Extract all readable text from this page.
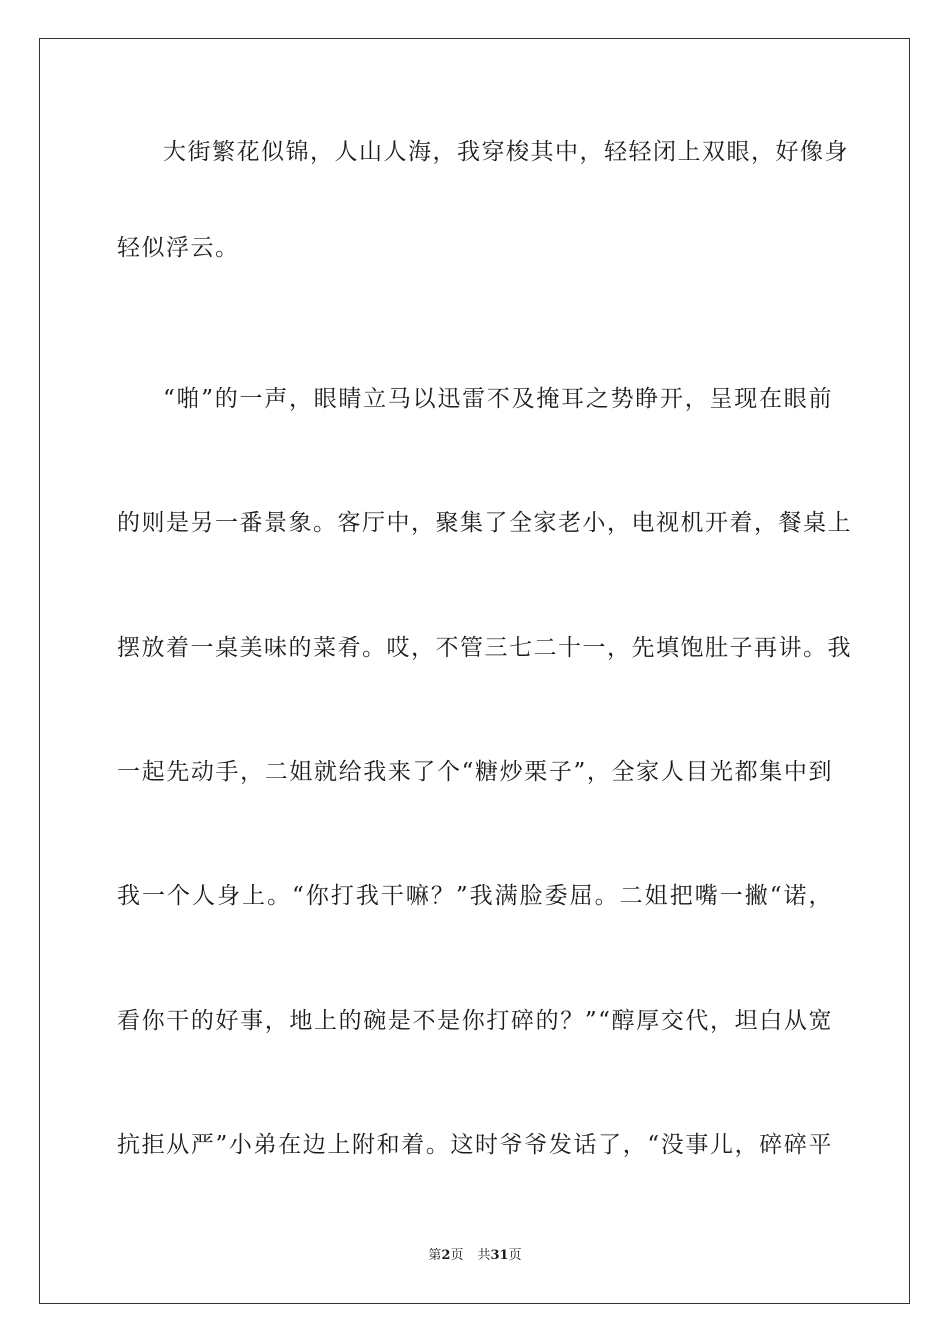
大街繁花似锦，人山人海，我穿梭其中，轻轻闭上双眼，好像身
轻似浮云。
“啪”的一声，眼睛立马以迅雷不及掩耳之势睁开，呈现在眼前
的则是另一番景象。客厅中，聚集了全家老小，电视机开着，餐桌上
摆放着一桌美味的菜肴。哎，不管三七二十一，先填饱肚子再讲。我
一起先动手，二姐就给我来了个“糖炒栗子”，全家人目光都集中到
我一个人身上。“你打我干嘛？”我满脸委屈。二姐把嘴一撇“诺，
看你干的好事，地上的碗是不是你打碎的？”“醇厚交代，坦白从宽
抗拒从严”小弟在边上附和着。这时爷爷发话了，“没事儿，碎碎平
第2页 共31页
